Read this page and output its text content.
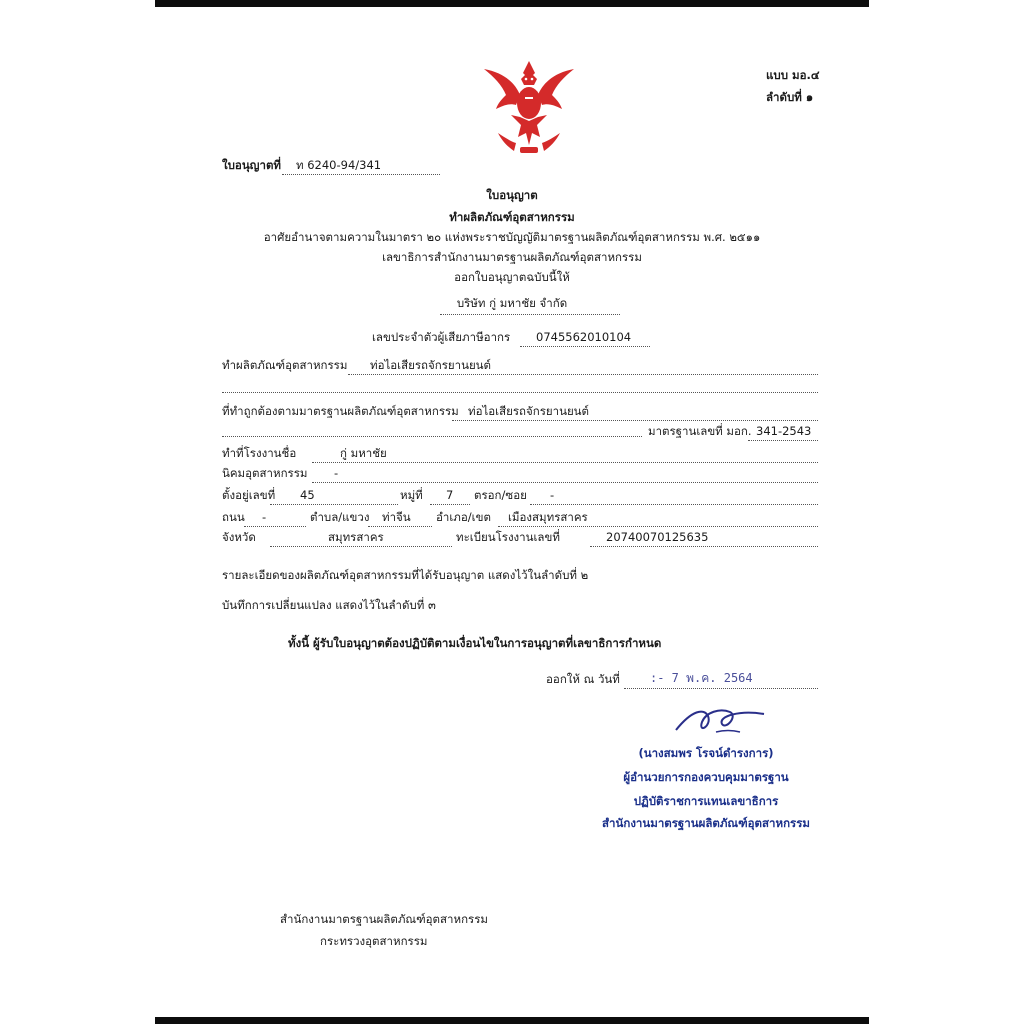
แบบ มอ.๔
ลำดับที่ ๑
ใบอนุญาตที่ ท 6240-94/341
ใบอนุญาต
ทำผลิตภัณฑ์อุตสาหกรรม
อาศัยอำนาจตามความในมาตรา ๒๐ แห่งพระราชบัญญัติมาตรฐานผลิตภัณฑ์อุตสาหกรรม พ.ศ. ๒๕๑๑
เลขาธิการสำนักงานมาตรฐานผลิตภัณฑ์อุตสาหกรรม
ออกใบอนุญาตฉบับนี้ให้
บริษัท กู่ มหาชัย จำกัด
เลขประจำตัวผู้เสียภาษีอากร 0745562010104
ทำผลิตภัณฑ์อุตสาหกรรม ท่อไอเสียรถจักรยานยนต์
ที่ทำถูกต้องตามมาตรฐานผลิตภัณฑ์อุตสาหกรรม ท่อไอเสียรถจักรยานยนต์
มาตรฐานเลขที่ มอก. 341-2543
ทำที่โรงงานชื่อ	กู่ มหาชัย
นิคมอุตสาหกรรม -
ตั้งอยู่เลขที่ 45	หมู่ที่ 7 ตรอก/ซอย -
ถนน -	ตำบล/แขวง ท่าจีน อำเภอ/เขต เมืองสมุทรสาคร
จังหวัด	สมุทรสาคร	ทะเบียนโรงงานเลขที่	20740070125635
รายละเอียดของผลิตภัณฑ์อุตสาหกรรมที่ได้รับอนุญาต แสดงไว้ในลำดับที่ ๒
บันทึกการเปลี่ยนแปลง แสดงไว้ในลำดับที่ ๓
ทั้งนี้ ผู้รับใบอนุญาตต้องปฏิบัติตามเงื่อนไขในการอนุญาตที่เลขาธิการกำหนด
ออกให้ ณ วันที่	:- 7 พ.ค. 2564
(นางสมพร โรจน์ดำรงการ)
ผู้อำนวยการกองควบคุมมาตรฐาน
ปฏิบัติราชการแทนเลขาธิการ
สำนักงานมาตรฐานผลิตภัณฑ์อุตสาหกรรม
สำนักงานมาตรฐานผลิตภัณฑ์อุตสาหกรรม
กระทรวงอุตสาหกรรม
